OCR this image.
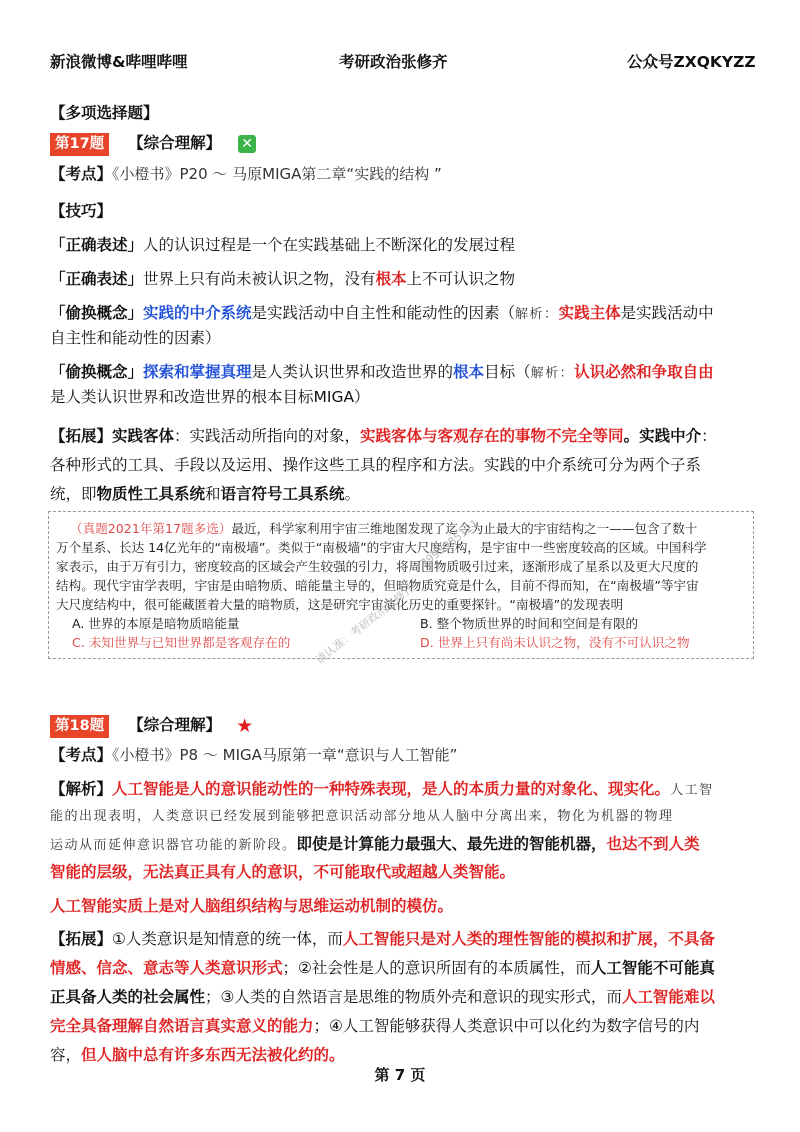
新浪微博&哔哩哔哩	考研政治张修齐	公众号ZXQKYZZ
【多项选择题】
第17题 【综合理解】 ✕
【考点】《小橙书》P20 ～ 马原MIGA第二章“实践的结构 ”
【技巧】
「正确表述」人的认识过程是一个在实践基础上不断深化的发展过程
「正确表述」世界上只有尚未被认识之物，没有根本上不可认识之物
「偷换概念」实践的中介系统是实践活动中自主性和能动性的因素（解析：实践主体是实践活动中
自主性和能动性的因素）
「偷换概念」探索和掌握真理是人类认识世界和改造世界的根本目标（解析：认识必然和争取自由
是人类认识世界和改造世界的根本目标MIGA）
【拓展】实践客体：实践活动所指向的对象，实践客体与客观存在的事物不完全等同。实践中介：
各种形式的工具、手段以及运用、操作这些工具的程序和方法。实践的中介系统可分为两个子系
统，即物质性工具系统和语言符号工具系统。
（真题2021年第17题多选）最近，科学家利用宇宙三维地图发现了迄今为止最大的宇宙结构之一——包含了数十
万个星系、长达 14亿光年的“南极墙”。类似于“南极墙”的宇宙大尺度结构，是宇宙中一些密度较高的区域。中国科学
家表示，由于万有引力，密度较高的区域会产生较强的引力，将周围物质吸引过来，逐渐形成了星系以及更大尺度的
结构。现代宇宙学表明，宇宙是由暗物质、暗能量主导的，但暗物质究竟是什么，目前不得而知，在“南极墙”等宇宙
大尺度结构中，很可能藏匿着大量的暗物质，这是研究宇宙演化历史的重要探针。“南极墙”的发现表明
A. 世界的本原是暗物质暗能量	B. 整个物质世界的时间和空间是有限的
C. 未知世界与已知世界都是客观存在的	D. 世界上只有尚未认识之物，没有不可认识之物
请认准：考研政治张修齐
7993985121
第18题 【综合理解】 ★
【考点】《小橙书》P8 ～ MIGA马原第一章“意识与人工智能”
【解析】人工智能是人的意识能动性的一种特殊表现，是人的本质力量的对象化、现实化。人工智
能的出现表明，人类意识已经发展到能够把意识活动部分地从人脑中分离出来，物化为机器的物理
运动从而延伸意识器官功能的新阶段。即使是计算能力最强大、最先进的智能机器，也达不到人类
智能的层级，无法真正具有人的意识，不可能取代或超越人类智能。
人工智能实质上是对人脑组织结构与思维运动机制的模仿。
【拓展】①人类意识是知情意的统一体，而人工智能只是对人类的理性智能的模拟和扩展，不具备
情感、信念、意志等人类意识形式；②社会性是人的意识所固有的本质属性，而人工智能不可能真
正具备人类的社会属性；③人类的自然语言是思维的物质外壳和意识的现实形式，而人工智能难以
完全具备理解自然语言真实意义的能力；④人工智能够获得人类意识中可以化约为数字信号的内
容，但人脑中总有许多东西无法被化约的。
第 7 页
